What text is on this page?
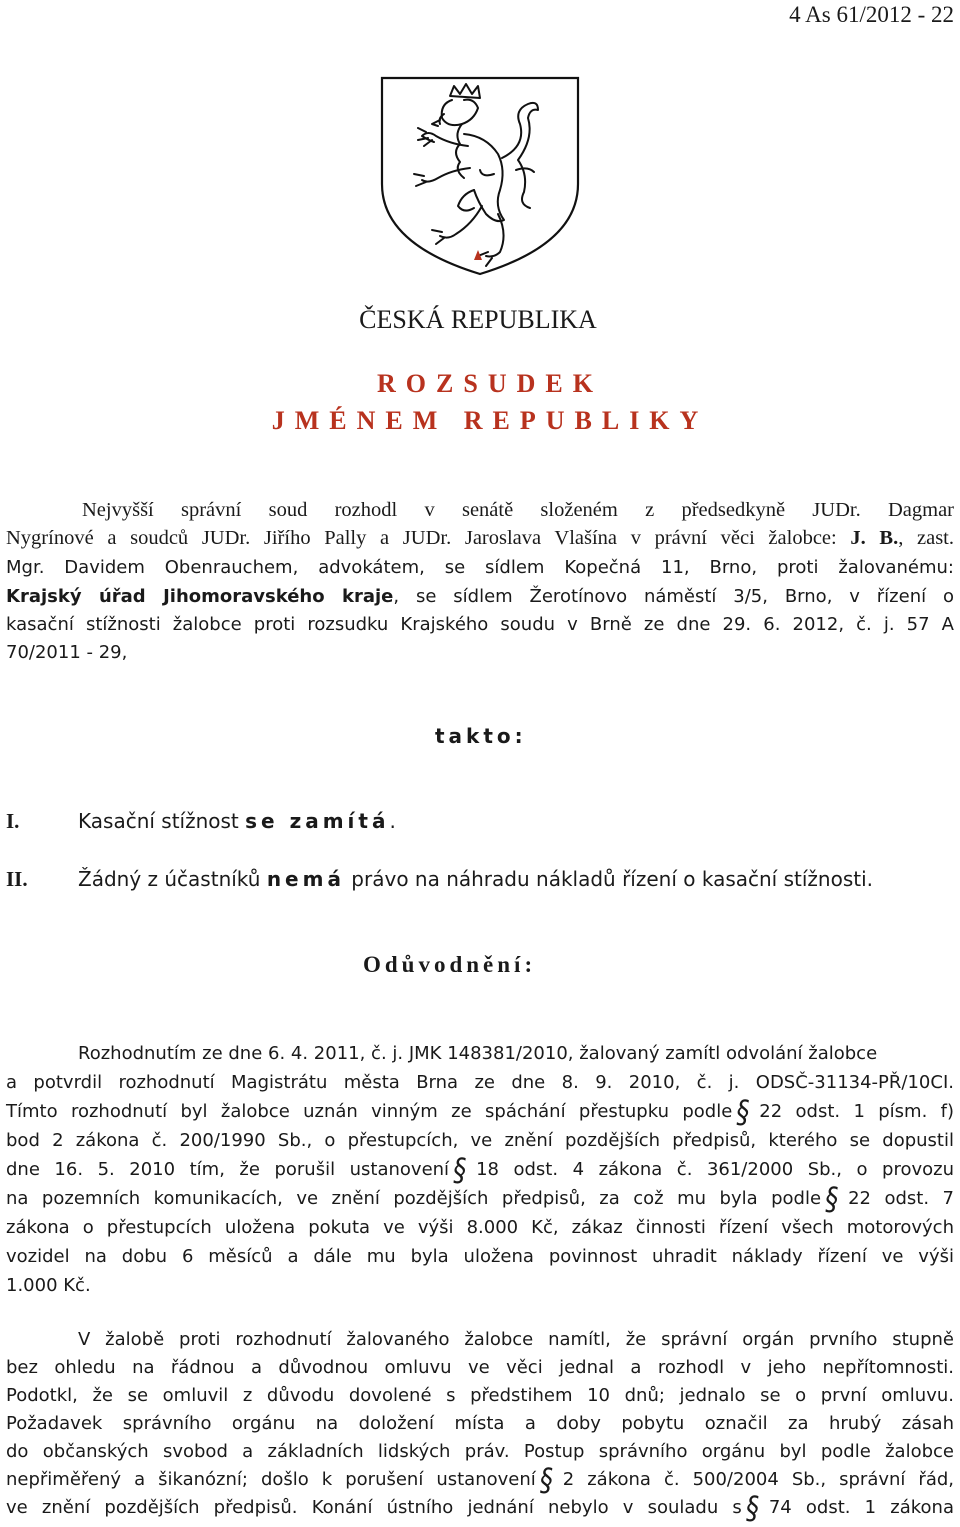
4 As 61/2012 - 22
ČESKÁ REPUBLIKA
ROZSUDEK
JMÉNEM REPUBLIKY
Nejvyšší správní soud rozhodl v senátě složeném z předsedkyně JUDr. Dagmar
Nygrínové a soudců JUDr. Jiřího Pally a JUDr. Jaroslava Vlašína v právní věci žalobce: J. B., zast.
Mgr. Davidem Obenrauchem, advokátem, se sídlem Kopečná 11, Brno, proti žalovanému:
Krajský úřad Jihomoravského kraje, se sídlem Žerotínovo náměstí 3/5, Brno, v řízení o
kasační stížnosti žalobce proti rozsudku Krajského soudu v Brně ze dne 29. 6. 2012, č. j. 57 A
70/2011 - 29,
takto:
I.	Kasační stížnost se zamítá.
II.	Žádný z účastníků nemá právo na náhradu nákladů řízení o kasační stížnosti.
Odůvodnění:
Rozhodnutím ze dne 6. 4. 2011, č. j. JMK 148381/2010, žalovaný zamítl odvolání žalobce
a potvrdil rozhodnutí Magistrátu města Brna ze dne 8. 9. 2010, č. j. ODSČ-31134-PŘ/10CI.
Tímto rozhodnutí byl žalobce uznán vinným ze spáchání přestupku podle § 22 odst. 1 písm. f)
bod 2 zákona č. 200/1990 Sb., o přestupcích, ve znění pozdějších předpisů, kterého se dopustil
dne 16. 5. 2010 tím, že porušil ustanovení § 18 odst. 4 zákona č. 361/2000 Sb., o provozu
na pozemních komunikacích, ve znění pozdějších předpisů, za což mu byla podle § 22 odst. 7
zákona o přestupcích uložena pokuta ve výši 8.000 Kč, zákaz činnosti řízení všech motorových
vozidel na dobu 6 měsíců a dále mu byla uložena povinnost uhradit náklady řízení ve výši
1.000 Kč.
V žalobě proti rozhodnutí žalovaného žalobce namítl, že správní orgán prvního stupně
bez ohledu na řádnou a důvodnou omluvu ve věci jednal a rozhodl v jeho nepřítomnosti.
Podotkl, že se omluvil z důvodu dovolené s předstihem 10 dnů; jednalo se o první omluvu.
Požadavek správního orgánu na doložení místa a doby pobytu označil za hrubý zásah
do občanských svobod a základních lidských práv. Postup správního orgánu byl podle žalobce
nepřiměřený a šikanózní; došlo k porušení ustanovení § 2 zákona č. 500/2004 Sb., správní řád,
ve znění pozdějších předpisů. Konání ústního jednání nebylo v souladu s § 74 odst. 1 zákona
